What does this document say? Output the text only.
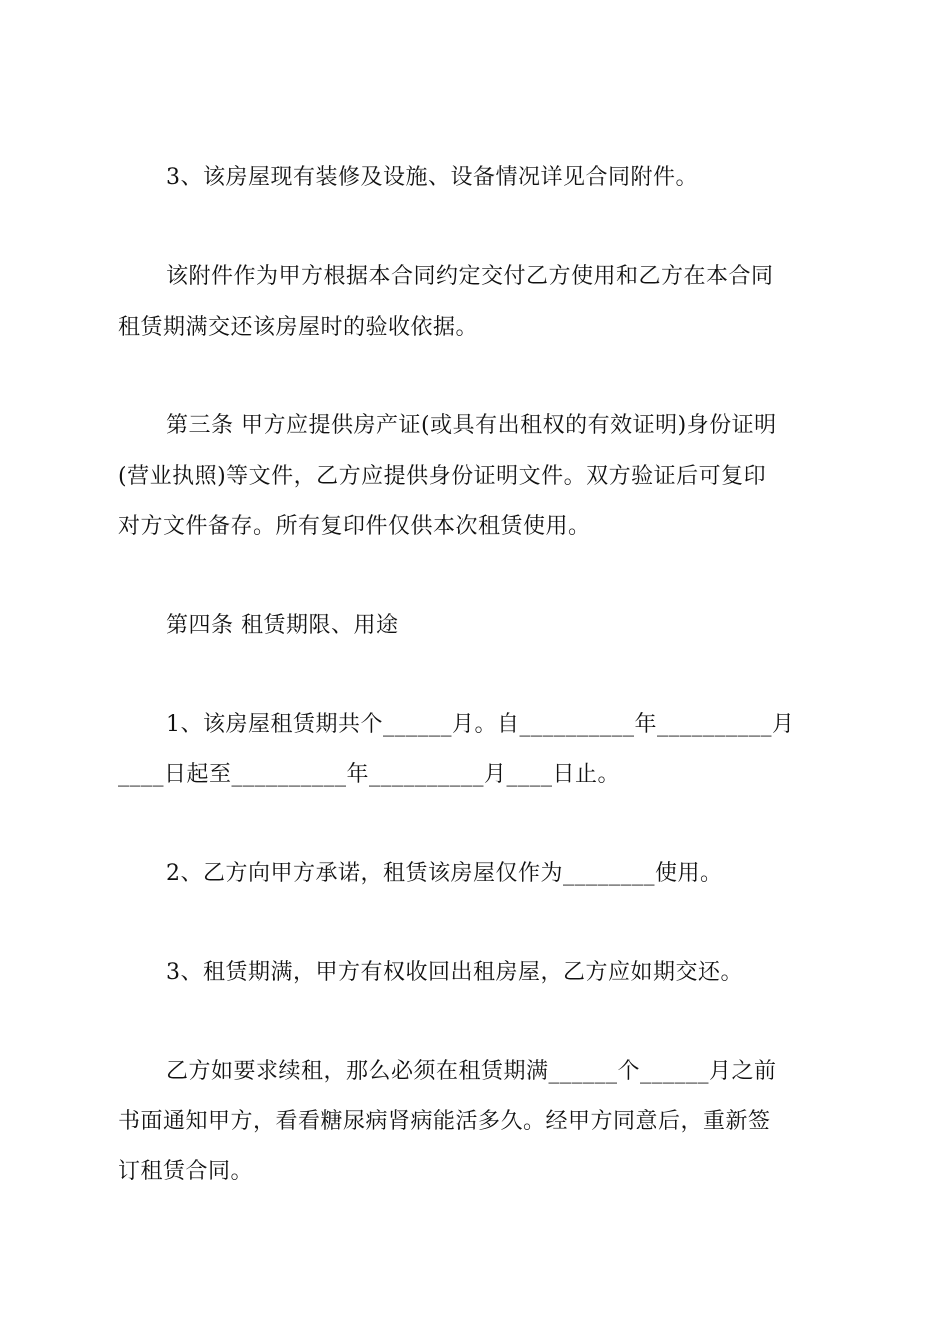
3、该房屋现有装修及设施、设备情况详见合同附件。
该附件作为甲方根据本合同约定交付乙方使用和乙方在本合同
租赁期满交还该房屋时的验收依据。
第三条 甲方应提供房产证(或具有出租权的有效证明)身份证明
(营业执照)等文件，乙方应提供身份证明文件。双方验证后可复印
对方文件备存。所有复印件仅供本次租赁使用。
第四条 租赁期限、用途
1、该房屋租赁期共个______月。自__________年__________月
____日起至__________年__________月____日止。
2、乙方向甲方承诺，租赁该房屋仅作为________使用。
3、租赁期满，甲方有权收回出租房屋，乙方应如期交还。
乙方如要求续租，那么必须在租赁期满______个______月之前
书面通知甲方，看看糖尿病肾病能活多久。经甲方同意后，重新签
订租赁合同。
